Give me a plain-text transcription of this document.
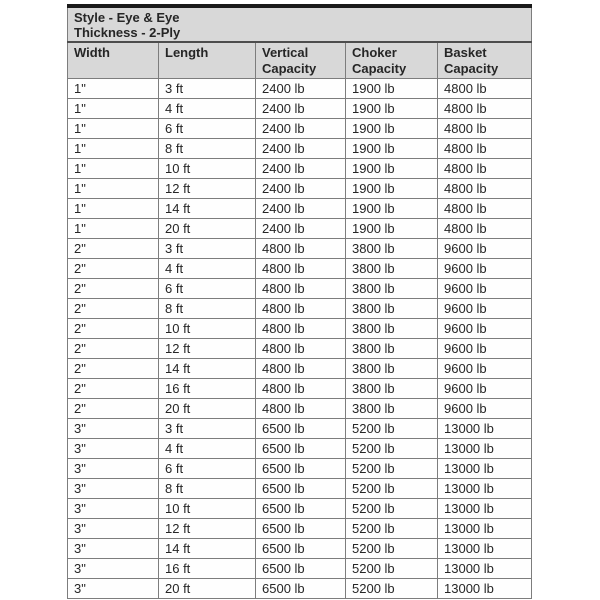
Style - Eye & Eye
Thickness - 2-Ply				

Width	Length	Vertical Capacity	Choker Capacity	Basket Capacity
1"	3 ft	2400 lb	1900 lb	4800 lb
1"	4 ft	2400 lb	1900 lb	4800 lb
1"	6 ft	2400 lb	1900 lb	4800 lb
1"	8 ft	2400 lb	1900 lb	4800 lb
1"	10 ft	2400 lb	1900 lb	4800 lb
1"	12 ft	2400 lb	1900 lb	4800 lb
1"	14 ft	2400 lb	1900 lb	4800 lb
1"	20 ft	2400 lb	1900 lb	4800 lb
2"	3 ft	4800 lb	3800 lb	9600 lb
2"	4 ft	4800 lb	3800 lb	9600 lb
2"	6 ft	4800 lb	3800 lb	9600 lb
2"	8 ft	4800 lb	3800 lb	9600 lb
2"	10 ft	4800 lb	3800 lb	9600 lb
2"	12 ft	4800 lb	3800 lb	9600 lb
2"	14 ft	4800 lb	3800 lb	9600 lb
2"	16 ft	4800 lb	3800 lb	9600 lb
2"	20 ft	4800 lb	3800 lb	9600 lb
3"	3 ft	6500 lb	5200 lb	13000 lb
3"	4 ft	6500 lb	5200 lb	13000 lb
3"	6 ft	6500 lb	5200 lb	13000 lb
3"	8 ft	6500 lb	5200 lb	13000 lb
3"	10 ft	6500 lb	5200 lb	13000 lb
3"	12 ft	6500 lb	5200 lb	13000 lb
3"	14 ft	6500 lb	5200 lb	13000 lb
3"	16 ft	6500 lb	5200 lb	13000 lb
3"	20 ft	6500 lb	5200 lb	13000 lb
